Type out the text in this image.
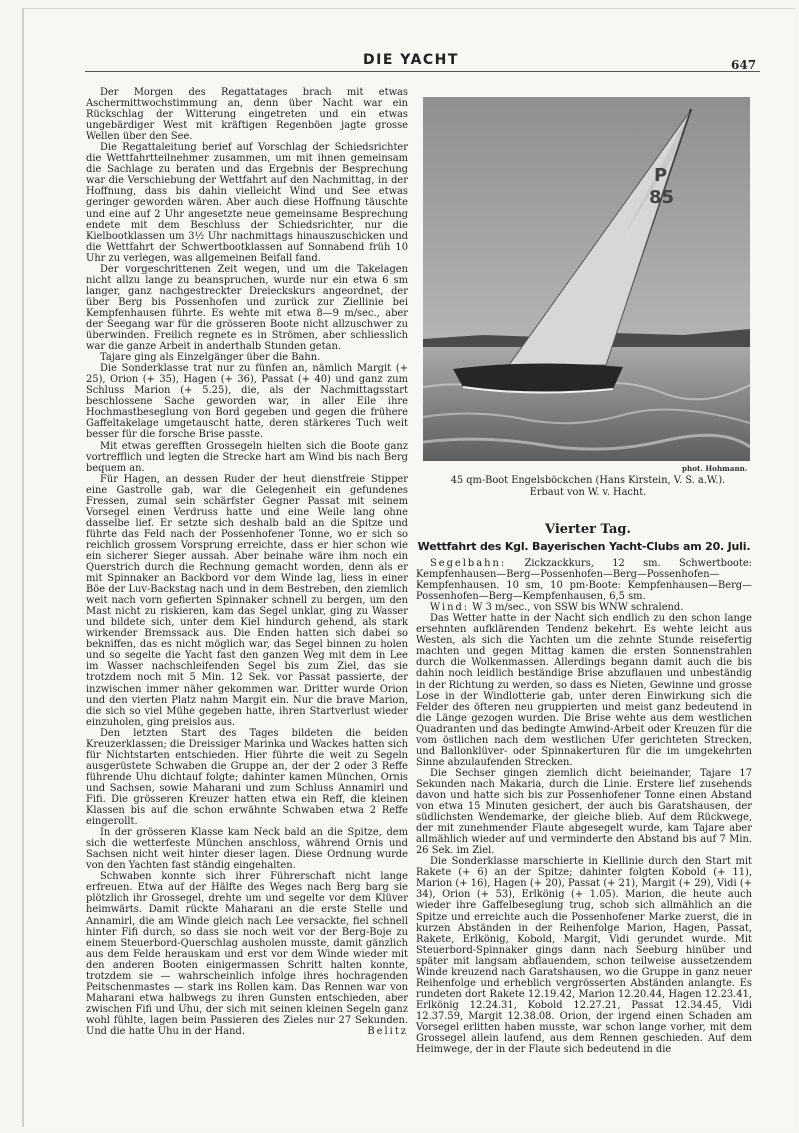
DIE YACHT	647

Der Morgen des Regattatages brach mit etwas Aschermittwochstimmung an, denn über Nacht war ein Rückschlag der Witterung eingetreten und ein etwas ungebärdiger West mit kräftigen Regenböen jagte grosse Wellen über den See.

Die Regattaleitung berief auf Vorschlag der Schiedsrichter die Wettfahrtteilnehmer zusammen, um mit ihnen gemeinsam die Sachlage zu beraten und das Ergebnis der Besprechung war die Verschiebung der Wettfahrt auf den Nachmittag, in der Hoffnung, dass bis dahin vielleicht Wind und See etwas geringer geworden wären. Aber auch diese Hoffnung täuschte und eine auf 2 Uhr angesetzte neue gemeinsame Besprechung endete mit dem Beschluss der Schiedsrichter, nur die Kielbootklassen um 3½ Uhr nachmittags hinauszuschicken und die Wettfahrt der Schwertbootklassen auf Sonnabend früh 10 Uhr zu verlegen, was allgemeinen Beifall fand.

Der vorgeschrittenen Zeit wegen, und um die Takelagen nicht allzu lange zu beanspruchen, wurde nur ein etwa 6 sm langer, ganz nachgestreckter Dreieckskurs angeordnet, der über Berg bis Possenhofen und zurück zur Ziellinie bei Kempfenhausen führte. Es wehte mit etwa 8—9 m/sec., aber der Seegang war für die grösseren Boote nicht allzuschwer zu überwinden. Freilich regnete es in Strömen, aber schliesslich war die ganze Arbeit in anderthalb Stunden getan.

Tajare ging als Einzelgänger über die Bahn.

Die Sonderklasse trat nur zu fünfen an, nämlich Margit (+ 25), Orion (+ 35), Hagen (+ 36), Passat (+ 40) und ganz zum Schluss Marion (+ 5.25), die, als der Nachmittagsstart beschlossene Sache geworden war, in aller Eile ihre Hochmastbeseglung von Bord gegeben und gegen die frühere Gaffeltakelage umgetauscht hatte, deren stärkeres Tuch weit besser für die forsche Brise passte.

Mit etwas gerefften Grossegeln hielten sich die Boote ganz vortrefflich und legten die Strecke hart am Wind bis nach Berg bequem an.

Für Hagen, an dessen Ruder der heut dienstfreie Stipper eine Gastrolle gab, war die Gelegenheit ein gefundenes Fressen, zumal sein schärfster Gegner Passat mit seinem Vorsegel einen Verdruss hatte und eine Weile lang ohne dasselbe lief. Er setzte sich deshalb bald an die Spitze und führte das Feld nach der Possenhofener Tonne, wo er sich so reichlich grossem Vorsprung erreichte, dass er hier schon wie ein sicherer Sieger aussah. Aber beinahe wäre ihm noch ein Querstrich durch die Rechnung gemacht worden, denn als er mit Spinnaker an Backbord vor dem Winde lag, liess in einer Böe der Luv-Backstag nach und in dem Bestreben, den ziemlich weit nach vorn gefierten Spinnaker schnell zu bergen, um den Mast nicht zu riskieren, kam das Segel unklar, ging zu Wasser und bildete sich, unter dem Kiel hindurch gehend, als stark wirkender Bremssack aus. Die Enden hatten sich dabei so bekniffen, das es nicht möglich war, das Segel binnen zu holen und so segelte die Yacht fast den ganzen Weg mit dem in Lee im Wasser nachschleifenden Segel bis zum Ziel, das sie trotzdem noch mit 5 Min. 12 Sek. vor Passat passierte, der inzwischen immer näher gekommen war. Dritter wurde Orion und den vierten Platz nahm Margit ein. Nur die brave Marion, die sich so viel Mühe gegeben hatte, ihren Startverlust wieder einzuholen, ging preislos aus.

Den letzten Start des Tages bildeten die beiden Kreuzerklassen; die Dreissiger Marinka und Wackes hatten sich für Nichtstarten entschieden. Hier führte die weit zu Segeln ausgerüstete Schwaben die Gruppe an, der der 2 oder 3 Reffe führende Uhu dichtauf folgte; dahinter kamen München, Ornis und Sachsen, sowie Maharani und zum Schluss Annamirl und Fifi. Die grösseren Kreuzer hatten etwa ein Reff, die kleinen Klassen bis auf die schon erwähnte Schwaben etwa 2 Reffe eingerollt.

In der grösseren Klasse kam Neck bald an die Spitze, dem sich die wetterfeste München anschloss, während Ornis und Sachsen nicht weit hinter dieser lagen. Diese Ordnung wurde von den Yachten fast ständig eingehalten.

Schwaben konnte sich ihrer Führerschaft nicht lange erfreuen. Etwa auf der Hälfte des Weges nach Berg barg sie plötzlich ihr Grossegel, drehte um und segelte vor dem Klüver heimwärts. Damit rückte Maharani an die erste Stelle und Annamirl, die am Winde gleich nach Lee versackte, fiel schnell hinter Fifi durch, so dass sie noch weit vor der Berg-Boje zu einem Steuerbord-Querschlag ausholen musste, damit gänzlich aus dem Felde herauskam und erst vor dem Winde wieder mit den anderen Booten einigermassen Schritt halten konnte, trotzdem sie — wahrscheinlich infolge ihres hochragenden Peitschenmastes — stark ins Rollen kam. Das Rennen war von Maharani etwa halbwegs zu ihren Gunsten entschieden, aber zwischen Fifi und Uhu, der sich mit seinen kleinen Segeln ganz wohl fühlte, lagen beim Passieren des Zieles nur 27 Sekunden. Und die hatte Uhu in der Hand.	Belitz
P
85
phot. Hohmann.
45 qm-Boot Engelsböckchen (Hans Kirstein, V. S. a.W.).
Erbaut von W. v. Hacht.
Vierter Tag.
Wettfahrt des Kgl. Bayerischen Yacht-Clubs am 20. Juli.

Segelbahn: Zickzackkurs, 12 sm. Schwertboote: Kempfenhausen—Berg—Possenhofen—Berg—Possenhofen—Kempfenhausen. 10 sm, 10 pm-Boote: Kempfenhausen—Berg—Possenhofen—Berg—Kempfenhausen, 6,5 sm.

Wind: W 3 m/sec., von SSW bis WNW schralend.

Das Wetter hatte in der Nacht sich endlich zu den schon lange ersehnten aufklärenden Tendenz bekehrt. Es wehte leicht aus Westen, als sich die Yachten um die zehnte Stunde reisefertig machten und gegen Mittag kamen die ersten Sonnenstrahlen durch die Wolkenmassen. Allerdings begann damit auch die bis dahin noch leidlich beständige Brise abzuflauen und unbeständig in der Richtung zu werden, so dass es Nieten, Gewinne und grosse Lose in der Windlotterie gab, unter deren Einwirkung sich die Felder des öfteren neu gruppierten und meist ganz bedeutend in die Länge gezogen wurden. Die Brise wehte aus dem westlichen Quadranten und das bedingte Amwind-Arbeit oder Kreuzen für die vom östlichen nach dem westlichen Ufer gerichteten Strecken, und Ballonklüver- oder Spinnakerturen für die im umgekehrten Sinne abzulaufenden Strecken.

Die Sechser gingen ziemlich dicht beieinander, Tajare 17 Sekunden nach Makaria, durch die Linie. Erstere lief zusehends davon und hatte sich bis zur Possenhofener Tonne einen Abstand von etwa 15 Minuten gesichert, der auch bis Garatshausen, der südlichsten Wendemarke, der gleiche blieb. Auf dem Rückwege, der mit zunehmender Flaute abgesegelt wurde, kam Tajare aber allmählich wieder auf und verminderte den Abstand bis auf 7 Min. 26 Sek. im Ziel.

Die Sonderklasse marschierte in Kiellinie durch den Start mit Rakete (+ 6) an der Spitze; dahinter folgten Kobold (+ 11), Marion (+ 16), Hagen (+ 20), Passat (+ 21), Margit (+ 29), Vidi (+ 34), Orion (+ 53), Erlkönig (+ 1.05). Marion, die heute auch wieder ihre Gaffelbeseglung trug, schob sich allmählich an die Spitze und erreichte auch die Possenhofener Marke zuerst, die in kurzen Abständen in der Reihenfolge Marion, Hagen, Passat, Rakete, Erlkönig, Kobold, Margit, Vidi gerundet wurde. Mit Steuerbord-Spinnaker gings dann nach Seeburg hinüber und später mit langsam abflauendem, schon teilweise aussetzendem Winde kreuzend nach Garatshausen, wo die Gruppe in ganz neuer Reihenfolge und erheblich vergrösserten Abständen anlangte. Es rundeten dort Rakete 12.19.42, Marion 12.20.44, Hagen 12.23.41, Erlkönig 12.24.31, Kobold 12.27.21, Passat 12.34.45, Vidi 12.37.59, Margit 12.38.08. Orion, der irgend einen Schaden am Vorsegel erlitten haben musste, war schon lange vorher, mit dem Grossegel allein laufend, aus dem Rennen geschieden. Auf dem Heimwege, der in der Flaute sich bedeutend in die
